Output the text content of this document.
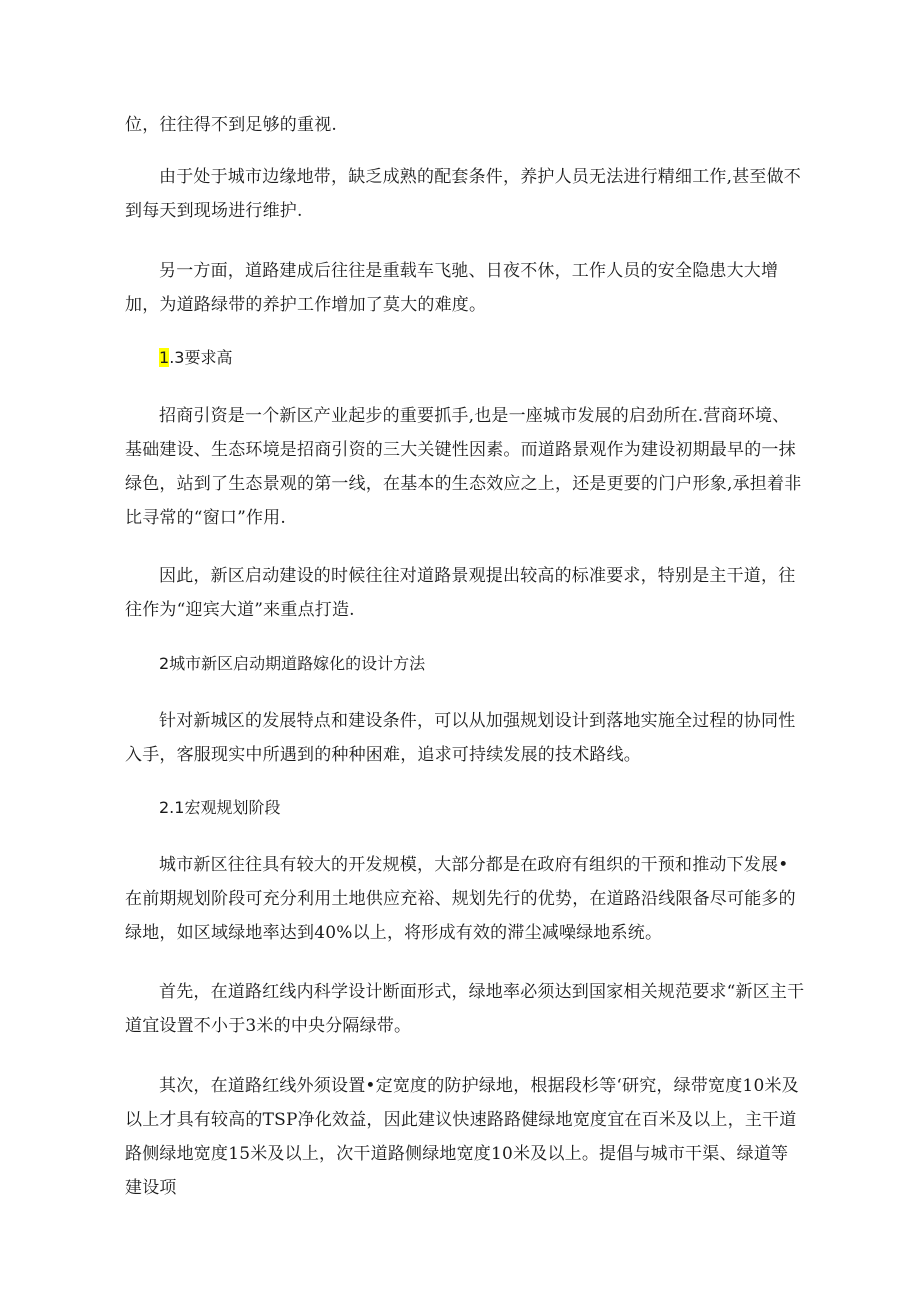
位，往往得不到足够的重视.

由于处于城市边缘地带，缺乏成熟的配套条件，养护人员无法进行精细工作,甚至做不到每天到现场进行维护.

另一方面，道路建成后往往是重载车飞驰、日夜不休，工作人员的安全隐患大大增加，为道路绿带的养护工作增加了莫大的难度。

1.3要求高

招商引资是一个新区产业起步的重要抓手,也是一座城市发展的启劲所在.营商环境、基础建设、生态环境是招商引资的三大关键性因素。而道路景观作为建设初期最早的一抹绿色，站到了生态景观的第一线，在基本的生态效应之上，还是更要的门户形象,承担着非比寻常的“窗口”作用.

因此，新区启动建设的时候往往对道路景观提出较高的标准要求，特别是主干道，往往作为“迎宾大道”来重点打造.

2城市新区启动期道路嫁化的设计方法

针对新城区的发展特点和建设条件，可以从加强规划设计到落地实施全过程的协同性入手，客服现实中所遇到的种种困难，追求可持续发展的技术路线。

2.1宏观规划阶段

城市新区往往具有较大的开发规模，大部分都是在政府有组织的干预和推动下发展•在前期规划阶段可充分利用土地供应充裕、规划先行的优势，在道路沿线限备尽可能多的绿地，如区域绿地率达到40%以上，将形成有效的滞尘减噪绿地系统。

首先，在道路红线内科学设计断面形式，绿地率必须达到国家相关规范要求“新区主干道宜设置不小于3米的中央分隔绿带。

其次，在道路红线外须设置•定宽度的防护绿地，根据段杉等‘研究，绿带宽度10米及以上才具有较高的TSP净化效益，因此建议快速路路健绿地宽度宜在百米及以上，主干道路侧绿地宽度15米及以上，次干道路侧绿地宽度10米及以上。提倡与城市干渠、绿道等建设项
